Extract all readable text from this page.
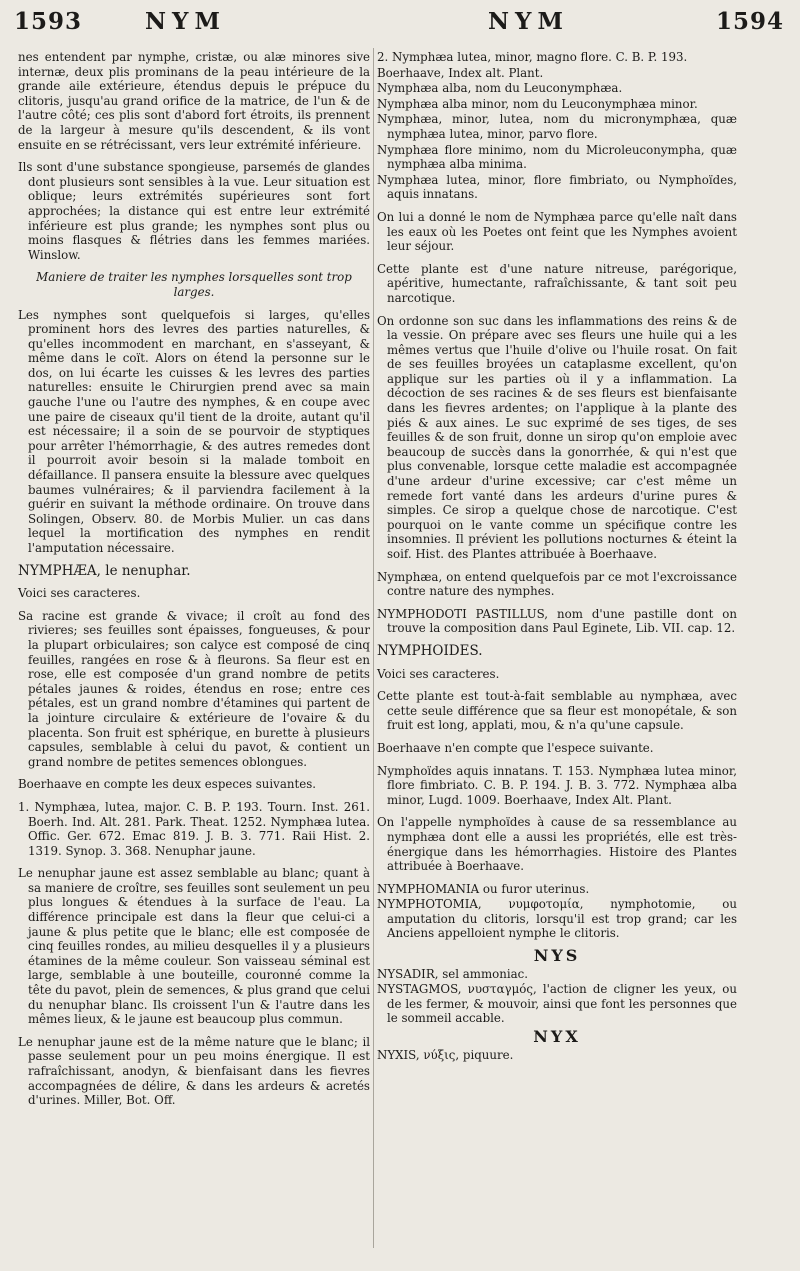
1593	NYM	NYM	1594

nes entendent par nymphe, cristæ, ou alæ minores sive internæ, deux plis prominans de la peau intérieure de la grande aile extérieure, étendus depuis le prépuce du clitoris, jusqu'au grand orifice de la matrice, de l'un & de l'autre côté; ces plis sont d'abord fort étroits, ils prennent de la largeur à mesure qu'ils descendent, & ils vont ensuite en se rétrécissant, vers leur extrémité inférieure.

Ils sont d'une substance spongieuse, parsemés de glandes dont plusieurs sont sensibles à la vue. Leur situation est oblique; leurs extrémités supérieures sont fort approchées; la distance qui est entre leur extrémité inférieure est plus grande; les nymphes sont plus ou moins flasques & flétries dans les femmes mariées. Winslow.

Maniere de traiter les nymphes lorsquelles sont trop larges.

Les nymphes sont quelquefois si larges, qu'elles prominent hors des levres des parties naturelles, & qu'elles incommodent en marchant, en s'asseyant, & même dans le coït. Alors on étend la personne sur le dos, on lui écarte les cuisses & les levres des parties naturelles: ensuite le Chirurgien prend avec sa main gauche l'une ou l'autre des nymphes, & en coupe avec une paire de ciseaux qu'il tient de la droite, autant qu'il est nécessaire; il a soin de se pourvoir de styptiques pour arrêter l'hémorrhagie, & des autres remedes dont il pourroit avoir besoin si la malade tomboit en défaillance. Il pansera ensuite la blessure avec quelques baumes vulnéraires; & il parviendra facilement à la guérir en suivant la méthode ordinaire. On trouve dans Solingen, Observ. 80. de Morbis Mulier. un cas dans lequel la mortification des nymphes en rendit l'amputation nécessaire.

NYMPHÆA, le nenuphar.

Voici ses caracteres.

Sa racine est grande & vivace; il croît au fond des rivieres; ses feuilles sont épaisses, fongueuses, & pour la plupart orbiculaires; son calyce est composé de cinq feuilles, rangées en rose & à fleurons. Sa fleur est en rose, elle est composée d'un grand nombre de petits pétales jaunes & roides, étendus en rose; entre ces pétales, est un grand nombre d'étamines qui partent de la jointure circulaire & extérieure de l'ovaire & du placenta. Son fruit est sphérique, en burette à plusieurs capsules, semblable à celui du pavot, & contient un grand nombre de petites semences oblongues.

Boerhaave en compte les deux especes suivantes.

1. Nymphæa, lutea, major. C. B. P. 193. Tourn. Inst. 261. Boerh. Ind. Alt. 281. Park. Theat. 1252. Nymphæa lutea. Offic. Ger. 672. Emac 819. J. B. 3. 771. Raii Hist. 2. 1319. Synop. 3. 368. Nenuphar jaune.

Le nenuphar jaune est assez semblable au blanc; quant à sa maniere de croître, ses feuilles sont seulement un peu plus longues & étendues à la surface de l'eau. La différence principale est dans la fleur que celui-ci a jaune & plus petite que le blanc; elle est composée de cinq feuilles rondes, au milieu desquelles il y a plusieurs étamines de la même couleur. Son vaisseau séminal est large, semblable à une bouteille, couronné comme la tête du pavot, plein de semences, & plus grand que celui du nenuphar blanc. Ils croissent l'un & l'autre dans les mêmes lieux, & le jaune est beaucoup plus commun.

Le nenuphar jaune est de la même nature que le blanc; il passe seulement pour un peu moins énergique. Il est rafraîchissant, anodyn, & bienfaisant dans les fievres accompagnées de délire, & dans les ardeurs & acretés d'urines. Miller, Bot. Off.

2. Nymphæa lutea, minor, magno flore. C. B. P. 193.

Boerhaave, Index alt. Plant.

Nymphæa alba, nom du Leuconymphæa.

Nymphæa alba minor, nom du Leuconymphæa minor.

Nymphæa, minor, lutea, nom du micronymphæa, quæ nymphæa lutea, minor, parvo flore.

Nymphæa flore minimo, nom du Microleuconympha, quæ nymphæa alba minima.

Nymphæa lutea, minor, flore fimbriato, ou Nymphoïdes, aquis innatans.

On lui a donné le nom de Nymphæa parce qu'elle naît dans les eaux où les Poetes ont feint que les Nymphes avoient leur séjour.

Cette plante est d'une nature nitreuse, parégorique, apéritive, humectante, rafraîchissante, & tant soit peu narcotique.

On ordonne son suc dans les inflammations des reins & de la vessie. On prépare avec ses fleurs une huile qui a les mêmes vertus que l'huile d'olive ou l'huile rosat. On fait de ses feuilles broyées un cataplasme excellent, qu'on applique sur les parties où il y a inflammation. La décoction de ses racines & de ses fleurs est bienfaisante dans les fievres ardentes; on l'applique à la plante des piés & aux aines. Le suc exprimé de ses tiges, de ses feuilles & de son fruit, donne un sirop qu'on emploie avec beaucoup de succès dans la gonorrhée, & qui n'est que plus convenable, lorsque cette maladie est accompagnée d'une ardeur d'urine excessive; car c'est même un remede fort vanté dans les ardeurs d'urine pures & simples. Ce sirop a quelque chose de narcotique. C'est pourquoi on le vante comme un spécifique contre les insomnies. Il prévient les pollutions nocturnes & éteint la soif. Hist. des Plantes attribuée à Boerhaave.

Nymphæa, on entend quelquefois par ce mot l'excroissance contre nature des nymphes.

NYMPHODOTI PASTILLUS, nom d'une pastille dont on trouve la composition dans Paul Eginete, Lib. VII. cap. 12.

NYMPHOIDES.

Voici ses caracteres.

Cette plante est tout-à-fait semblable au nymphæa, avec cette seule différence que sa fleur est monopétale, & son fruit est long, applati, mou, & n'a qu'une capsule.

Boerhaave n'en compte que l'espece suivante.

Nymphoïdes aquis innatans. T. 153. Nymphæa lutea minor, flore fimbriato. C. B. P. 194. J. B. 3. 772. Nymphæa alba minor, Lugd. 1009. Boerhaave, Index Alt. Plant.

On l'appelle nymphoïdes à cause de sa ressemblance au nymphæa dont elle a aussi les propriétés, elle est très-énergique dans les hémorrhagies. Histoire des Plantes attribuée à Boerhaave.

NYMPHOMANIA ou furor uterinus.

NYMPHOTOMIA, νυμφοτομία, nymphotomie, ou amputation du clitoris, lorsqu'il est trop grand; car les Anciens appelloient nymphe le clitoris.

NYS

NYSADIR, sel ammoniac.

NYSTAGMOS, νυσταγμός, l'action de cligner les yeux, ou de les fermer, & mouvoir, ainsi que font les personnes que le sommeil accable.

NYX

NYXIS, νύξις, piquure.
